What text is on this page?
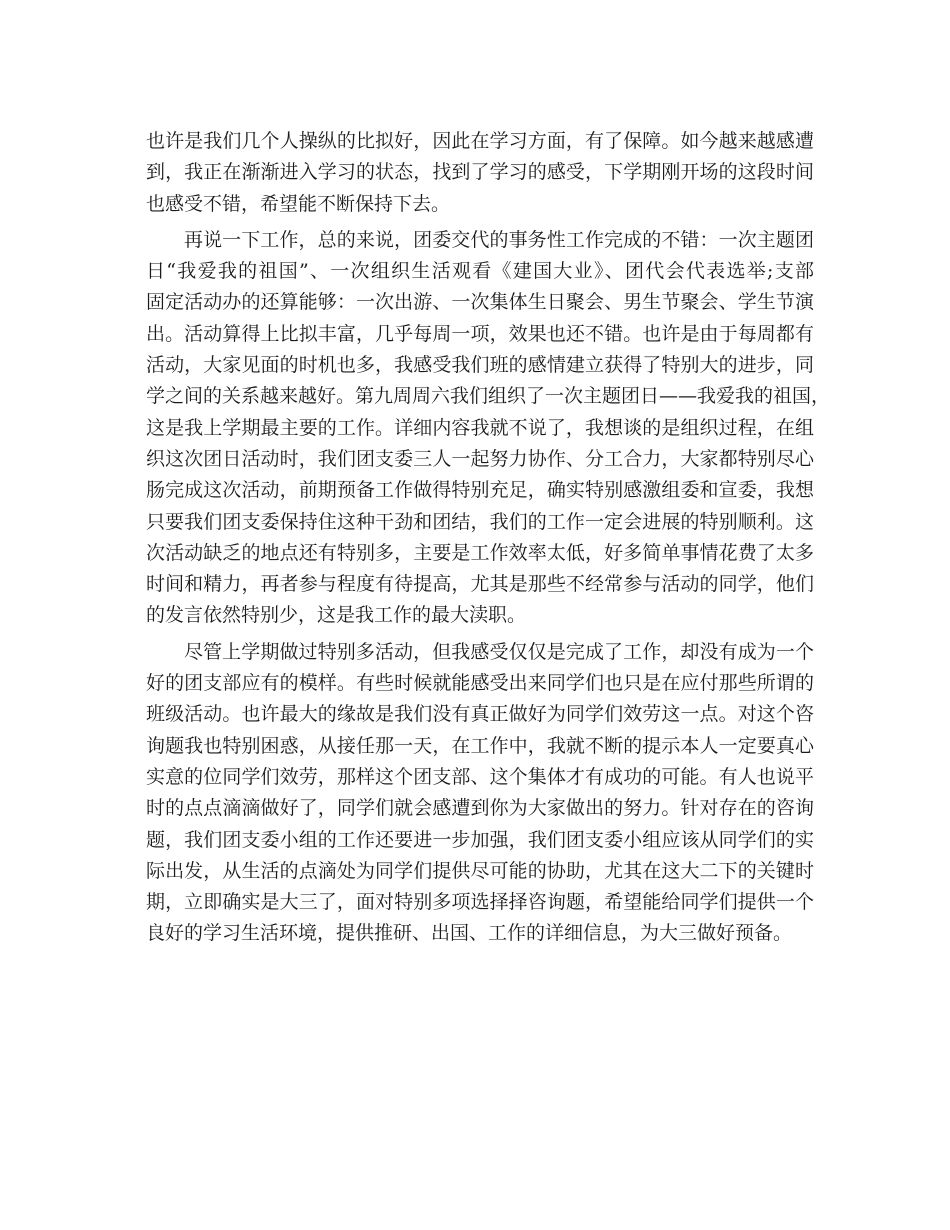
也许是我们几个人操纵的比拟好，因此在学习方面，有了保障。如今越来越感遭
到，我正在渐渐进入学习的状态，找到了学习的感受，下学期刚开场的这段时间
也感受不错，希望能不断保持下去。
再说一下工作，总的来说，团委交代的事务性工作完成的不错：一次主题团
日“我爱我的祖国”、一次组织生活观看《建国大业》、团代会代表选举;支部
固定活动办的还算能够：一次出游、一次集体生日聚会、男生节聚会、学生节演
出。活动算得上比拟丰富，几乎每周一项，效果也还不错。也许是由于每周都有
活动，大家见面的时机也多，我感受我们班的感情建立获得了特别大的进步，同
学之间的关系越来越好。第九周周六我们组织了一次主题团日——我爱我的祖国，
这是我上学期最主要的工作。详细内容我就不说了，我想谈的是组织过程，在组
织这次团日活动时，我们团支委三人一起努力协作、分工合力，大家都特别尽心
肠完成这次活动，前期预备工作做得特别充足，确实特别感激组委和宣委，我想
只要我们团支委保持住这种干劲和团结，我们的工作一定会进展的特别顺利。这
次活动缺乏的地点还有特别多，主要是工作效率太低，好多简单事情花费了太多
时间和精力，再者参与程度有待提高，尤其是那些不经常参与活动的同学，他们
的发言依然特别少，这是我工作的最大渎职。
尽管上学期做过特别多活动，但我感受仅仅是完成了工作，却没有成为一个
好的团支部应有的模样。有些时候就能感受出来同学们也只是在应付那些所谓的
班级活动。也许最大的缘故是我们没有真正做好为同学们效劳这一点。对这个咨
询题我也特别困惑，从接任那一天，在工作中，我就不断的提示本人一定要真心
实意的位同学们效劳，那样这个团支部、这个集体才有成功的可能。有人也说平
时的点点滴滴做好了，同学们就会感遭到你为大家做出的努力。针对存在的咨询
题，我们团支委小组的工作还要进一步加强，我们团支委小组应该从同学们的实
际出发，从生活的点滴处为同学们提供尽可能的协助，尤其在这大二下的关键时
期，立即确实是大三了，面对特别多项选择择咨询题，希望能给同学们提供一个
良好的学习生活环境，提供推研、出国、工作的详细信息，为大三做好预备。
